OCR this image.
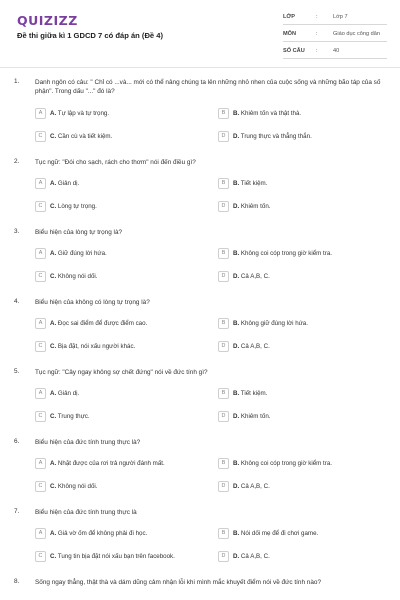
QUIZIZZ
Đề thi giữa kì 1 GDCD 7 có đáp án (Đề 4)
LỚP	:	Lớp 7
MÔN	:	Giáo dục công dân
SỐ CÂU :	40
1. Danh ngôn có câu: " Chỉ có ...và... mới có thể nâng chúng ta lên những nhỏ nhen của cuộc sống và những bão táp của số phận". Trong dấu "..." đó là?
A	A. Tự lập và tự trọng.	B	B. Khiêm tốn và thật thà.
C	C. Cần cù và tiết kiệm.	D	D. Trung thực và thẳng thắn.
2. Tục ngữ: "Đói cho sạch, rách cho thơm" nói đến điều gì?
A	A. Giản dị.	B	B. Tiết kiệm.
C	C. Lòng tự trọng.	D	D. Khiêm tốn.
3. Biểu hiện của lòng tự trọng là?
A	A. Giữ đúng lời hứa.	B	B. Không coi cóp trong giờ kiểm tra.
C	C. Không nói dối.	D	D. Cả A,B, C.
4. Biểu hiện của không có lòng tự trọng là?
A	A. Đọc sai điểm để được điểm cao.	B	B. Không giữ đúng lời hứa.
C	C. Bịa đặt, nói xấu người khác.	D	D. Cả A,B, C.
5. Tục ngữ: "Cây ngay không sợ chết đứng" nói về đức tính gì?
A	A. Giản dị.	B	B. Tiết kiệm.
C	C. Trung thực.	D	D. Khiêm tốn.
6. Biểu hiện của đức tính trung thực là?
A	A. Nhặt được của rơi trả người đánh mất.	B	B. Không coi cóp trong giờ kiểm tra.
C	C. Không nói dối.	D	D. Cả A,B, C.
7. Biểu hiện của đức tính trung thực là
A	A. Giả vờ ốm để không phải đi học.	B	B. Nói dối mẹ để đi chơi game.
C	C. Tung tin bịa đặt nói xấu bạn trên facebook.	D	D. Cả A,B, C.
8. Sống ngay thẳng, thật thà và dám dũng cảm nhận lỗi khi mình mắc khuyết điểm nói về đức tính nào?
